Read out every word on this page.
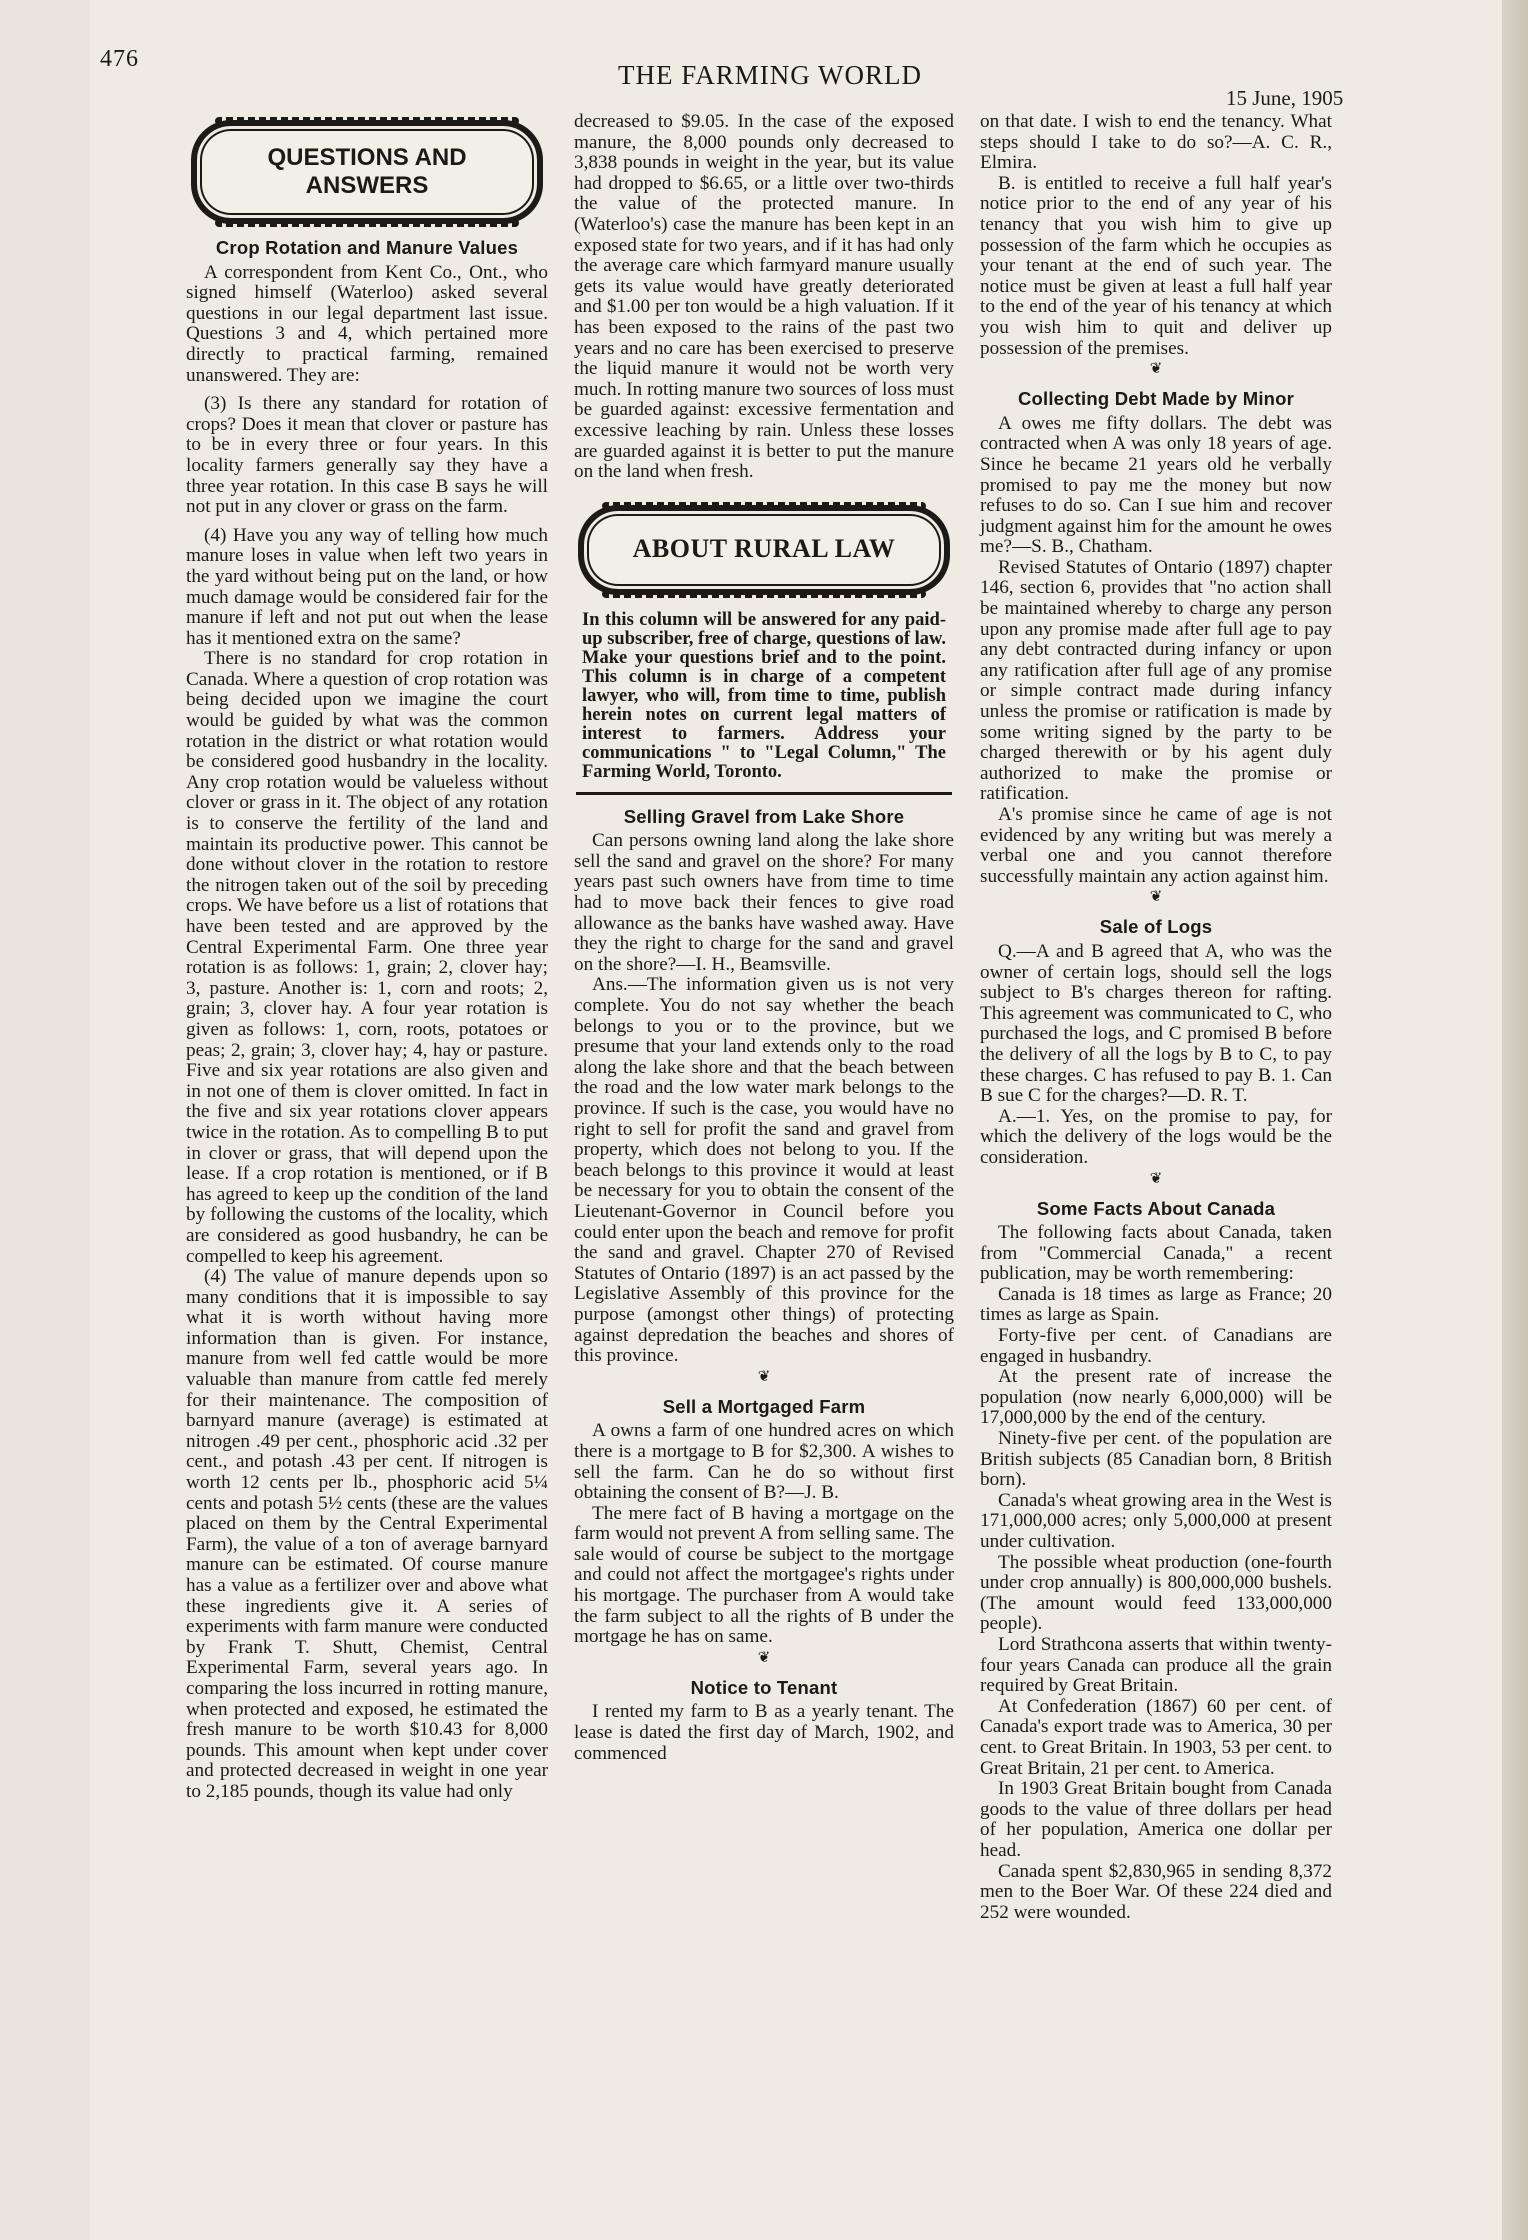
476
THE FARMING WORLD
15 June, 1905
QUESTIONS AND
ANSWERS
Crop Rotation and Manure Values

A correspondent from Kent Co., Ont., who signed himself (Waterloo) asked several questions in our legal department last issue. Questions 3 and 4, which pertained more directly to practical farming, remained unanswered. They are:

(3) Is there any standard for rotation of crops? Does it mean that clover or pasture has to be in every three or four years. In this locality farmers generally say they have a three year rotation. In this case B says he will not put in any clover or grass on the farm.

(4) Have you any way of telling how much manure loses in value when left two years in the yard without being put on the land, or how much damage would be considered fair for the manure if left and not put out when the lease has it mentioned extra on the same?

There is no standard for crop rotation in Canada. Where a question of crop rotation was being decided upon we imagine the court would be guided by what was the common rotation in the district or what rotation would be considered good husbandry in the locality. Any crop rotation would be valueless without clover or grass in it. The object of any rotation is to conserve the fertility of the land and maintain its productive power. This cannot be done without clover in the rotation to restore the nitrogen taken out of the soil by preceding crops. We have before us a list of rotations that have been tested and are approved by the Central Experimental Farm. One three year rotation is as follows: 1, grain; 2, clover hay; 3, pasture. Another is: 1, corn and roots; 2, grain; 3, clover hay. A four year rotation is given as follows: 1, corn, roots, potatoes or peas; 2, grain; 3, clover hay; 4, hay or pasture. Five and six year rotations are also given and in not one of them is clover omitted. In fact in the five and six year rotations clover appears twice in the rotation. As to compelling B to put in clover or grass, that will depend upon the lease. If a crop rotation is mentioned, or if B has agreed to keep up the condition of the land by following the customs of the locality, which are considered as good husbandry, he can be compelled to keep his agreement.

(4) The value of manure depends upon so many conditions that it is impossible to say what it is worth without having more information than is given. For instance, manure from well fed cattle would be more valuable than manure from cattle fed merely for their maintenance. The composition of barnyard manure (average) is estimated at nitrogen .49 per cent., phosphoric acid .32 per cent., and potash .43 per cent. If nitrogen is worth 12 cents per lb., phosphoric acid 5¼ cents and potash 5½ cents (these are the values placed on them by the Central Experimental Farm), the value of a ton of average barnyard manure can be estimated. Of course manure has a value as a fertilizer over and above what these ingredients give it. A series of experiments with farm manure were conducted by Frank T. Shutt, Chemist, Central Experimental Farm, several years ago. In comparing the loss incurred in rotting manure, when protected and exposed, he estimated the fresh manure to be worth $10.43 for 8,000 pounds. This amount when kept under cover and protected decreased in weight in one year to 2,185 pounds, though its value had only

decreased to $9.05. In the case of the exposed manure, the 8,000 pounds only decreased to 3,838 pounds in weight in the year, but its value had dropped to $6.65, or a little over two-thirds the value of the protected manure. In (Waterloo's) case the manure has been kept in an exposed state for two years, and if it has had only the average care which farmyard manure usually gets its value would have greatly deteriorated and $1.00 per ton would be a high valuation. If it has been exposed to the rains of the past two years and no care has been exercised to preserve the liquid manure it would not be worth very much. In rotting manure two sources of loss must be guarded against: excessive fermentation and excessive leaching by rain. Unless these losses are guarded against it is better to put the manure on the land when fresh.

ABOUT RURAL LAW
In this column will be answered for any paid-up subscriber, free of charge, questions of law. Make your questions brief and to the point. This column is in charge of a competent lawyer, who will, from time to time, publish herein notes on current legal matters of interest to farmers. Address your communications " to "Legal Column," The Farming World, Toronto.
Selling Gravel from Lake Shore

Can persons owning land along the lake shore sell the sand and gravel on the shore? For many years past such owners have from time to time had to move back their fences to give road allowance as the banks have washed away. Have they the right to charge for the sand and gravel on the shore?—I. H., Beamsville.

Ans.—The information given us is not very complete. You do not say whether the beach belongs to you or to the province, but we presume that your land extends only to the road along the lake shore and that the beach between the road and the low water mark belongs to the province. If such is the case, you would have no right to sell for profit the sand and gravel from property, which does not belong to you. If the beach belongs to this province it would at least be necessary for you to obtain the consent of the Lieutenant-Governor in Council before you could enter upon the beach and remove for profit the sand and gravel. Chapter 270 of Revised Statutes of Ontario (1897) is an act passed by the Legislative Assembly of this province for the purpose (amongst other things) of protecting against depredation the beaches and shores of this province.

❦
Sell a Mortgaged Farm

A owns a farm of one hundred acres on which there is a mortgage to B for $2,300. A wishes to sell the farm. Can he do so without first obtaining the consent of B?—J. B.

The mere fact of B having a mortgage on the farm would not prevent A from selling same. The sale would of course be subject to the mortgage and could not affect the mortgagee's rights under his mortgage. The purchaser from A would take the farm subject to all the rights of B under the mortgage he has on same.

❦
Notice to Tenant

I rented my farm to B as a yearly tenant. The lease is dated the first day of March, 1902, and commenced

on that date. I wish to end the tenancy. What steps should I take to do so?—A. C. R., Elmira.

B. is entitled to receive a full half year's notice prior to the end of any year of his tenancy that you wish him to give up possession of the farm which he occupies as your tenant at the end of such year. The notice must be given at least a full half year to the end of the year of his tenancy at which you wish him to quit and deliver up possession of the premises.

❦
Collecting Debt Made by Minor

A owes me fifty dollars. The debt was contracted when A was only 18 years of age. Since he became 21 years old he verbally promised to pay me the money but now refuses to do so. Can I sue him and recover judgment against him for the amount he owes me?—S. B., Chatham.

Revised Statutes of Ontario (1897) chapter 146, section 6, provides that "no action shall be maintained whereby to charge any person upon any promise made after full age to pay any debt contracted during infancy or upon any ratification after full age of any promise or simple contract made during infancy unless the promise or ratification is made by some writing signed by the party to be charged therewith or by his agent duly authorized to make the promise or ratification.

A's promise since he came of age is not evidenced by any writing but was merely a verbal one and you cannot therefore successfully maintain any action against him.

❦
Sale of Logs

Q.—A and B agreed that A, who was the owner of certain logs, should sell the logs subject to B's charges thereon for rafting. This agreement was communicated to C, who purchased the logs, and C promised B before the delivery of all the logs by B to C, to pay these charges. C has refused to pay B. 1. Can B sue C for the charges?—D. R. T.

A.—1. Yes, on the promise to pay, for which the delivery of the logs would be the consideration.

❦
Some Facts About Canada

The following facts about Canada, taken from "Commercial Canada," a recent publication, may be worth remembering:

Canada is 18 times as large as France; 20 times as large as Spain.

Forty-five per cent. of Canadians are engaged in husbandry.

At the present rate of increase the population (now nearly 6,000,000) will be 17,000,000 by the end of the century.

Ninety-five per cent. of the population are British subjects (85 Canadian born, 8 British born).

Canada's wheat growing area in the West is 171,000,000 acres; only 5,000,000 at present under cultivation.

The possible wheat production (one-fourth under crop annually) is 800,000,000 bushels. (The amount would feed 133,000,000 people).

Lord Strathcona asserts that within twenty-four years Canada can produce all the grain required by Great Britain.

At Confederation (1867) 60 per cent. of Canada's export trade was to America, 30 per cent. to Great Britain. In 1903, 53 per cent. to Great Britain, 21 per cent. to America.

In 1903 Great Britain bought from Canada goods to the value of three dollars per head of her population, America one dollar per head.

Canada spent $2,830,965 in sending 8,372 men to the Boer War. Of these 224 died and 252 were wounded.
